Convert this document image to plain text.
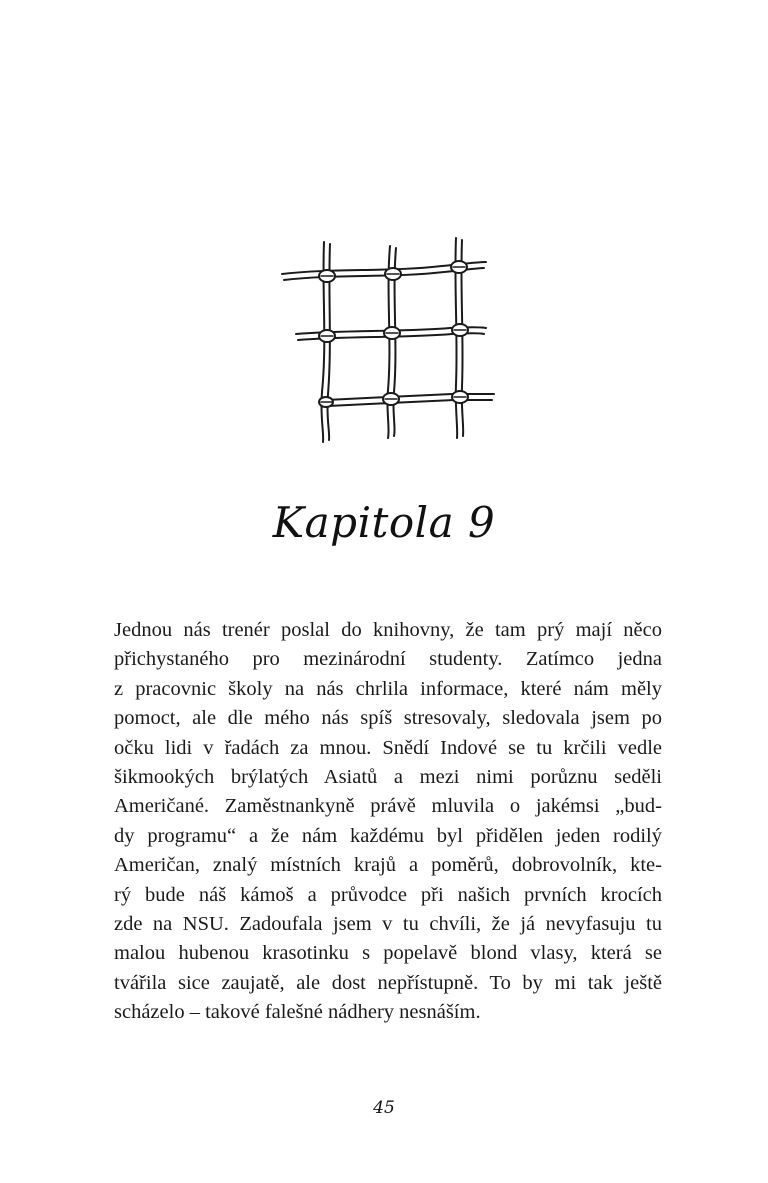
Kapitola 9
Jednou nás trenér poslal do knihovny, že tam prý mají něco
přichystaného pro mezinárodní studenty. Zatímco jedna
z pracovnic školy na nás chrlila informace, které nám měly
pomoct, ale dle mého nás spíš stresovaly, sledovala jsem po
očku lidi v řadách za mnou. Snědí Indové se tu krčili vedle
šikmookých brýlatých Asiatů a mezi nimi porůznu seděli
Američané. Zaměstnankyně právě mluvila o jakémsi „bud-
dy programu“ a že nám každému byl přidělen jeden rodilý
Američan, znalý místních krajů a poměrů, dobrovolník, kte-
rý bude náš kámoš a průvodce při našich prvních krocích
zde na NSU. Zadoufala jsem v tu chvíli, že já nevyfasuju tu
malou hubenou krasotinku s popelavě blond vlasy, která se
tvářila sice zaujatě, ale dost nepřístupně. To by mi tak ještě
scházelo – takové falešné nádhery nesnáším.
45
